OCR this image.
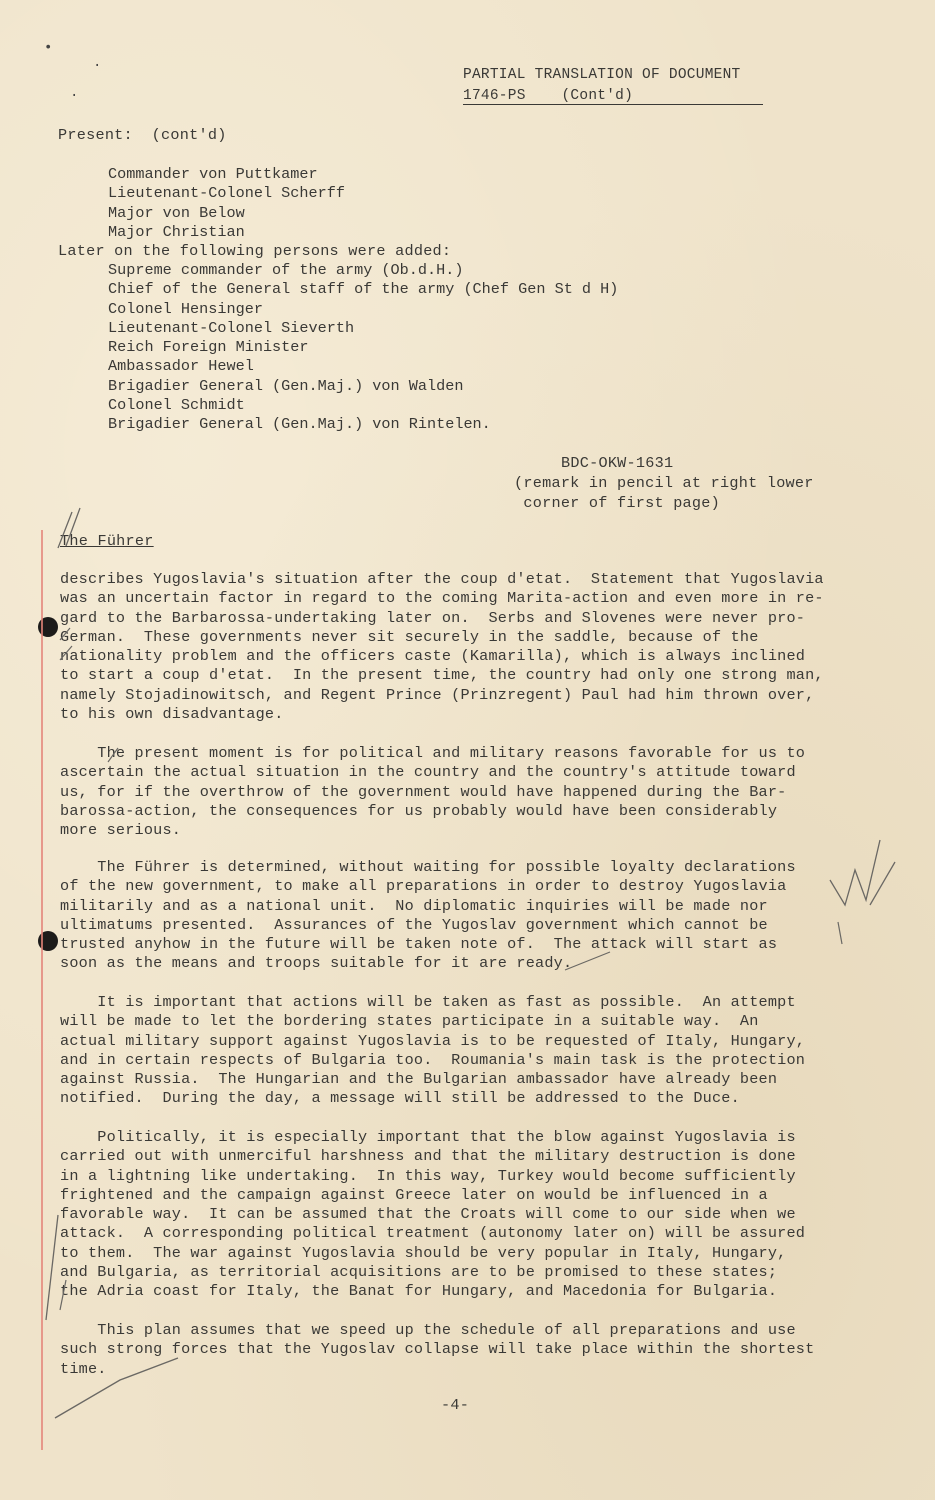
•
·
·
PARTIAL TRANSLATION OF DOCUMENT
1746-PS    (Cont'd)
Present:  (cont'd)
Commander von Puttkamer
Lieutenant-Colonel Scherff
Major von Below
Major Christian
Later on the following persons were added:
Supreme commander of the army (Ob.d.H.)
Chief of the General staff of the army (Chef Gen St d H)
Colonel Hensinger
Lieutenant-Colonel Sieverth
Reich Foreign Minister
Ambassador Hewel
Brigadier General (Gen.Maj.) von Walden
Colonel Schmidt
Brigadier General (Gen.Maj.) von Rintelen.
BDC-OKW-1631
(remark in pencil at right lower
corner of first page)
The Führer
describes Yugoslavia's situation after the coup d'etat.  Statement that Yugoslavia
was an uncertain factor in regard to the coming Marita-action and even more in re-
gard to the Barbarossa-undertaking later on.  Serbs and Slovenes were never pro-
German.  These governments never sit securely in the saddle, because of the
nationality problem and the officers caste (Kamarilla), which is always inclined
to start a coup d'etat.  In the present time, the country had only one strong man,
namely Stojadinowitsch, and Regent Prince (Prinzregent) Paul had him thrown over,
to his own disadvantage.
The present moment is for political and military reasons favorable for us to
ascertain the actual situation in the country and the country's attitude toward
us, for if the overthrow of the government would have happened during the Bar-
barossa-action, the consequences for us probably would have been considerably
more serious.
The Führer is determined, without waiting for possible loyalty declarations
of the new government, to make all preparations in order to destroy Yugoslavia
militarily and as a national unit.  No diplomatic inquiries will be made nor
ultimatums presented.  Assurances of the Yugoslav government which cannot be
trusted anyhow in the future will be taken note of.  The attack will start as
soon as the means and troops suitable for it are ready.
It is important that actions will be taken as fast as possible.  An attempt
will be made to let the bordering states participate in a suitable way.  An
actual military support against Yugoslavia is to be requested of Italy, Hungary,
and in certain respects of Bulgaria too.  Roumania's main task is the protection
against Russia.  The Hungarian and the Bulgarian ambassador have already been
notified.  During the day, a message will still be addressed to the Duce.
Politically, it is especially important that the blow against Yugoslavia is
carried out with unmerciful harshness and that the military destruction is done
in a lightning like undertaking.  In this way, Turkey would become sufficiently
frightened and the campaign against Greece later on would be influenced in a
favorable way.  It can be assumed that the Croats will come to our side when we
attack.  A corresponding political treatment (autonomy later on) will be assured
to them.  The war against Yugoslavia should be very popular in Italy, Hungary,
and Bulgaria, as territorial acquisitions are to be promised to these states;
the Adria coast for Italy, the Banat for Hungary, and Macedonia for Bulgaria.
This plan assumes that we speed up the schedule of all preparations and use
such strong forces that the Yugoslav collapse will take place within the shortest
time.
-4-
